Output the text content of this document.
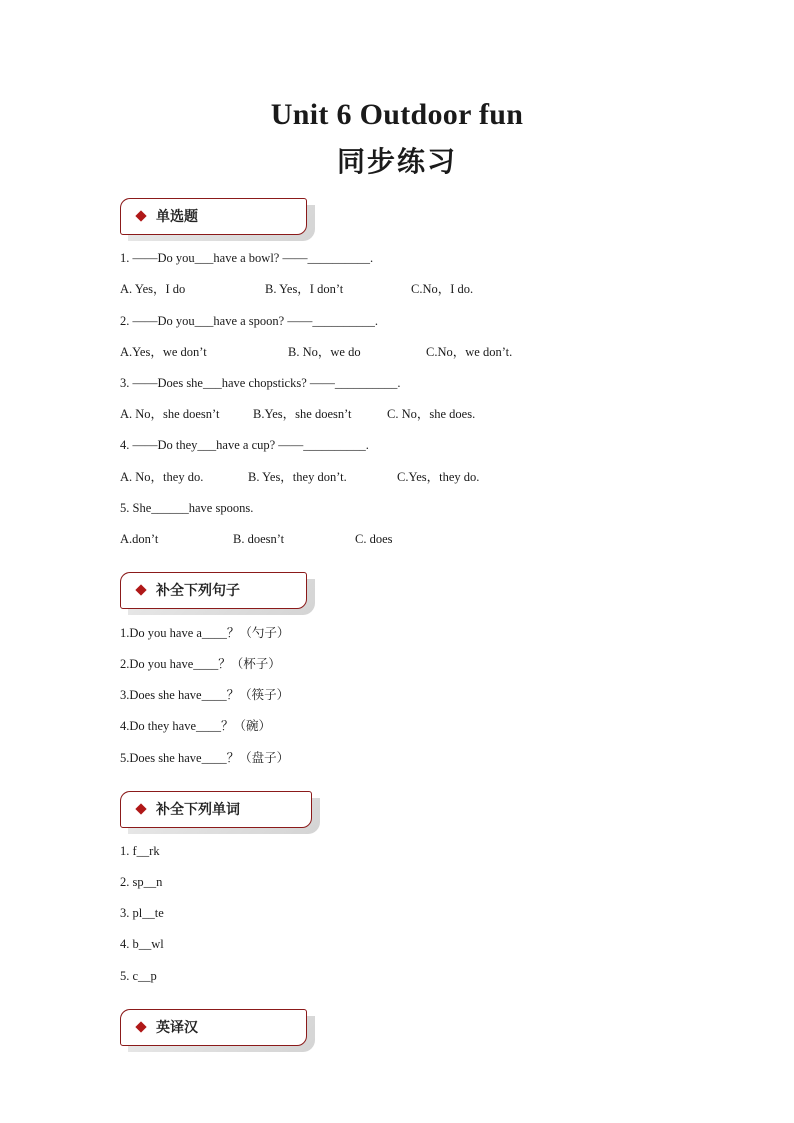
Unit 6 Outdoor fun
同步练习
单选题
1. ——Do you___have a bowl? ——__________.
A. Yes，I do	B. Yes，I don’t	C.No，I do.
2. ——Do you___have a spoon? ——__________.
A.Yes，we don’t	B. No，we do	C.No，we don’t.
3. ——Does she___have chopsticks? ——__________.
A. No，she doesn’t	B.Yes，she doesn’t	C. No，she does.
4. ——Do they___have a cup? ——__________.
A. No，they do.	B. Yes，they don’t.	C.Yes，they do.
5. She______have spoons.
A.don’t	B. doesn’t	C. does
补全下列句子
1.Do you have a____？（勺子）
2.Do you have____？（杯子）
3.Does she have____？（筷子）
4.Do they have____？（碗）
5.Does she have____？（盘子）
补全下列单词
1. f__rk
2. sp__n
3. pl__te
4. b__wl
5. c__p
英译汉
